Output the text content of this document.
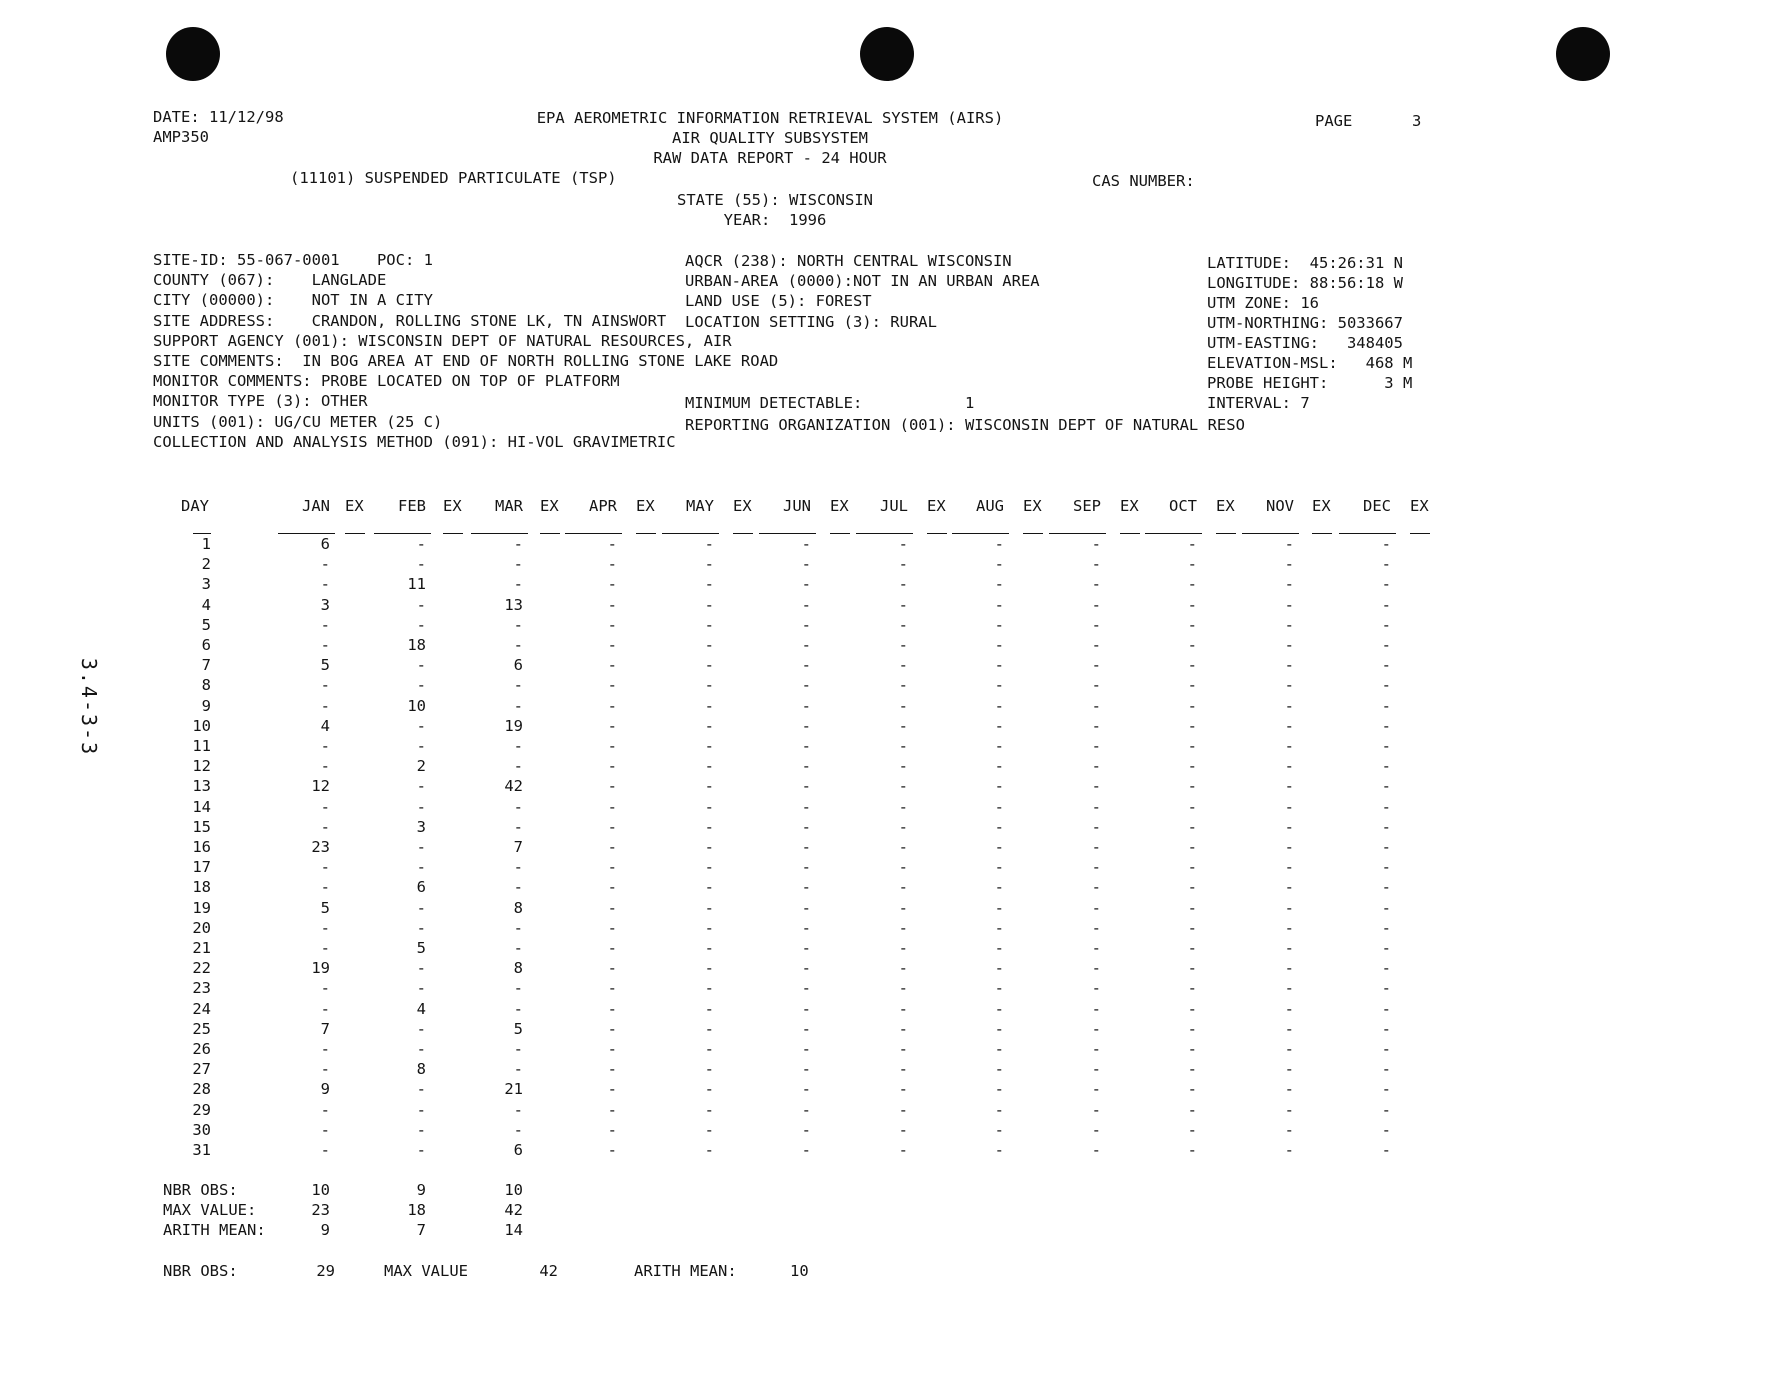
3.4-3-3
DATE: 11/12/98
AMP350
EPA AEROMETRIC INFORMATION RETRIEVAL SYSTEM (AIRS)
AIR QUALITY SUBSYSTEM
RAW DATA REPORT - 24 HOUR
PAGE	3
(11101) SUSPENDED PARTICULATE (TSP)	CAS NUMBER:
STATE (55): WISCONSIN
YEAR:  1996
SITE-ID: 55-067-0001    POC: 1
COUNTY (067):    LANGLADE
CITY (00000):    NOT IN A CITY
SITE ADDRESS:    CRANDON, ROLLING STONE LK, TN AINSWORT
SUPPORT AGENCY (001): WISCONSIN DEPT OF NATURAL RESOURCES, AIR
SITE COMMENTS:  IN BOG AREA AT END OF NORTH ROLLING STONE LAKE ROAD
MONITOR COMMENTS: PROBE LOCATED ON TOP OF PLATFORM
MONITOR TYPE (3): OTHER
UNITS (001): UG/CU METER (25 C)
COLLECTION AND ANALYSIS METHOD (091): HI-VOL GRAVIMETRIC
AQCR (238): NORTH CENTRAL WISCONSIN
URBAN-AREA (0000):NOT IN AN URBAN AREA
LAND USE (5): FOREST
LOCATION SETTING (3): RURAL
LATITUDE:  45:26:31 N
LONGITUDE: 88:56:18 W
UTM ZONE: 16
UTM-NORTHING: 5033667
UTM-EASTING:   348405
ELEVATION-MSL:   468 M
PROBE HEIGHT:      3 M
INTERVAL: 7
MINIMUM DETECTABLE:	1
REPORTING ORGANIZATION (001): WISCONSIN DEPT OF NATURAL RESO
DAY	JAN EX	FEB EX	MAR EX	APR EX	MAY EX	JUN EX	JUL EX	AUG EX	SEP EX	OCT EX	NOV EX	DEC EX
1	6	-	-	-	-	-	-	-	-	-	-	-
2	-	-	-	-	-	-	-	-	-	-	-	-
3	-	11	-	-	-	-	-	-	-	-	-	-
4	3	-	13	-	-	-	-	-	-	-	-	-
5	-	-	-	-	-	-	-	-	-	-	-	-
6	-	18	-	-	-	-	-	-	-	-	-	-
7	5	-	6	-	-	-	-	-	-	-	-	-
8	-	-	-	-	-	-	-	-	-	-	-	-
9	-	10	-	-	-	-	-	-	-	-	-	-
10	4	-	19	-	-	-	-	-	-	-	-	-
11	-	-	-	-	-	-	-	-	-	-	-	-
12	-	2	-	-	-	-	-	-	-	-	-	-
13	12	-	42	-	-	-	-	-	-	-	-	-
14	-	-	-	-	-	-	-	-	-	-	-	-
15	-	3	-	-	-	-	-	-	-	-	-	-
16	23	-	7	-	-	-	-	-	-	-	-	-
17	-	-	-	-	-	-	-	-	-	-	-	-
18	-	6	-	-	-	-	-	-	-	-	-	-
19	5	-	8	-	-	-	-	-	-	-	-	-
20	-	-	-	-	-	-	-	-	-	-	-	-
21	-	5	-	-	-	-	-	-	-	-	-	-
22	19	-	8	-	-	-	-	-	-	-	-	-
23	-	-	-	-	-	-	-	-	-	-	-	-
24	-	4	-	-	-	-	-	-	-	-	-	-
25	7	-	5	-	-	-	-	-	-	-	-	-
26	-	-	-	-	-	-	-	-	-	-	-	-
27	-	8	-	-	-	-	-	-	-	-	-	-
28	9	-	21	-	-	-	-	-	-	-	-	-
29	-	-	-	-	-	-	-	-	-	-	-	-
30	-	-	-	-	-	-	-	-	-	-	-	-
31	-	-	6	-	-	-	-	-	-	-	-	-
NBR OBS:	10	9	10
MAX VALUE:	23	18	42
ARITH MEAN:	9	7	14
NBR OBS:	29	MAX VALUE	42	ARITH MEAN:	10
